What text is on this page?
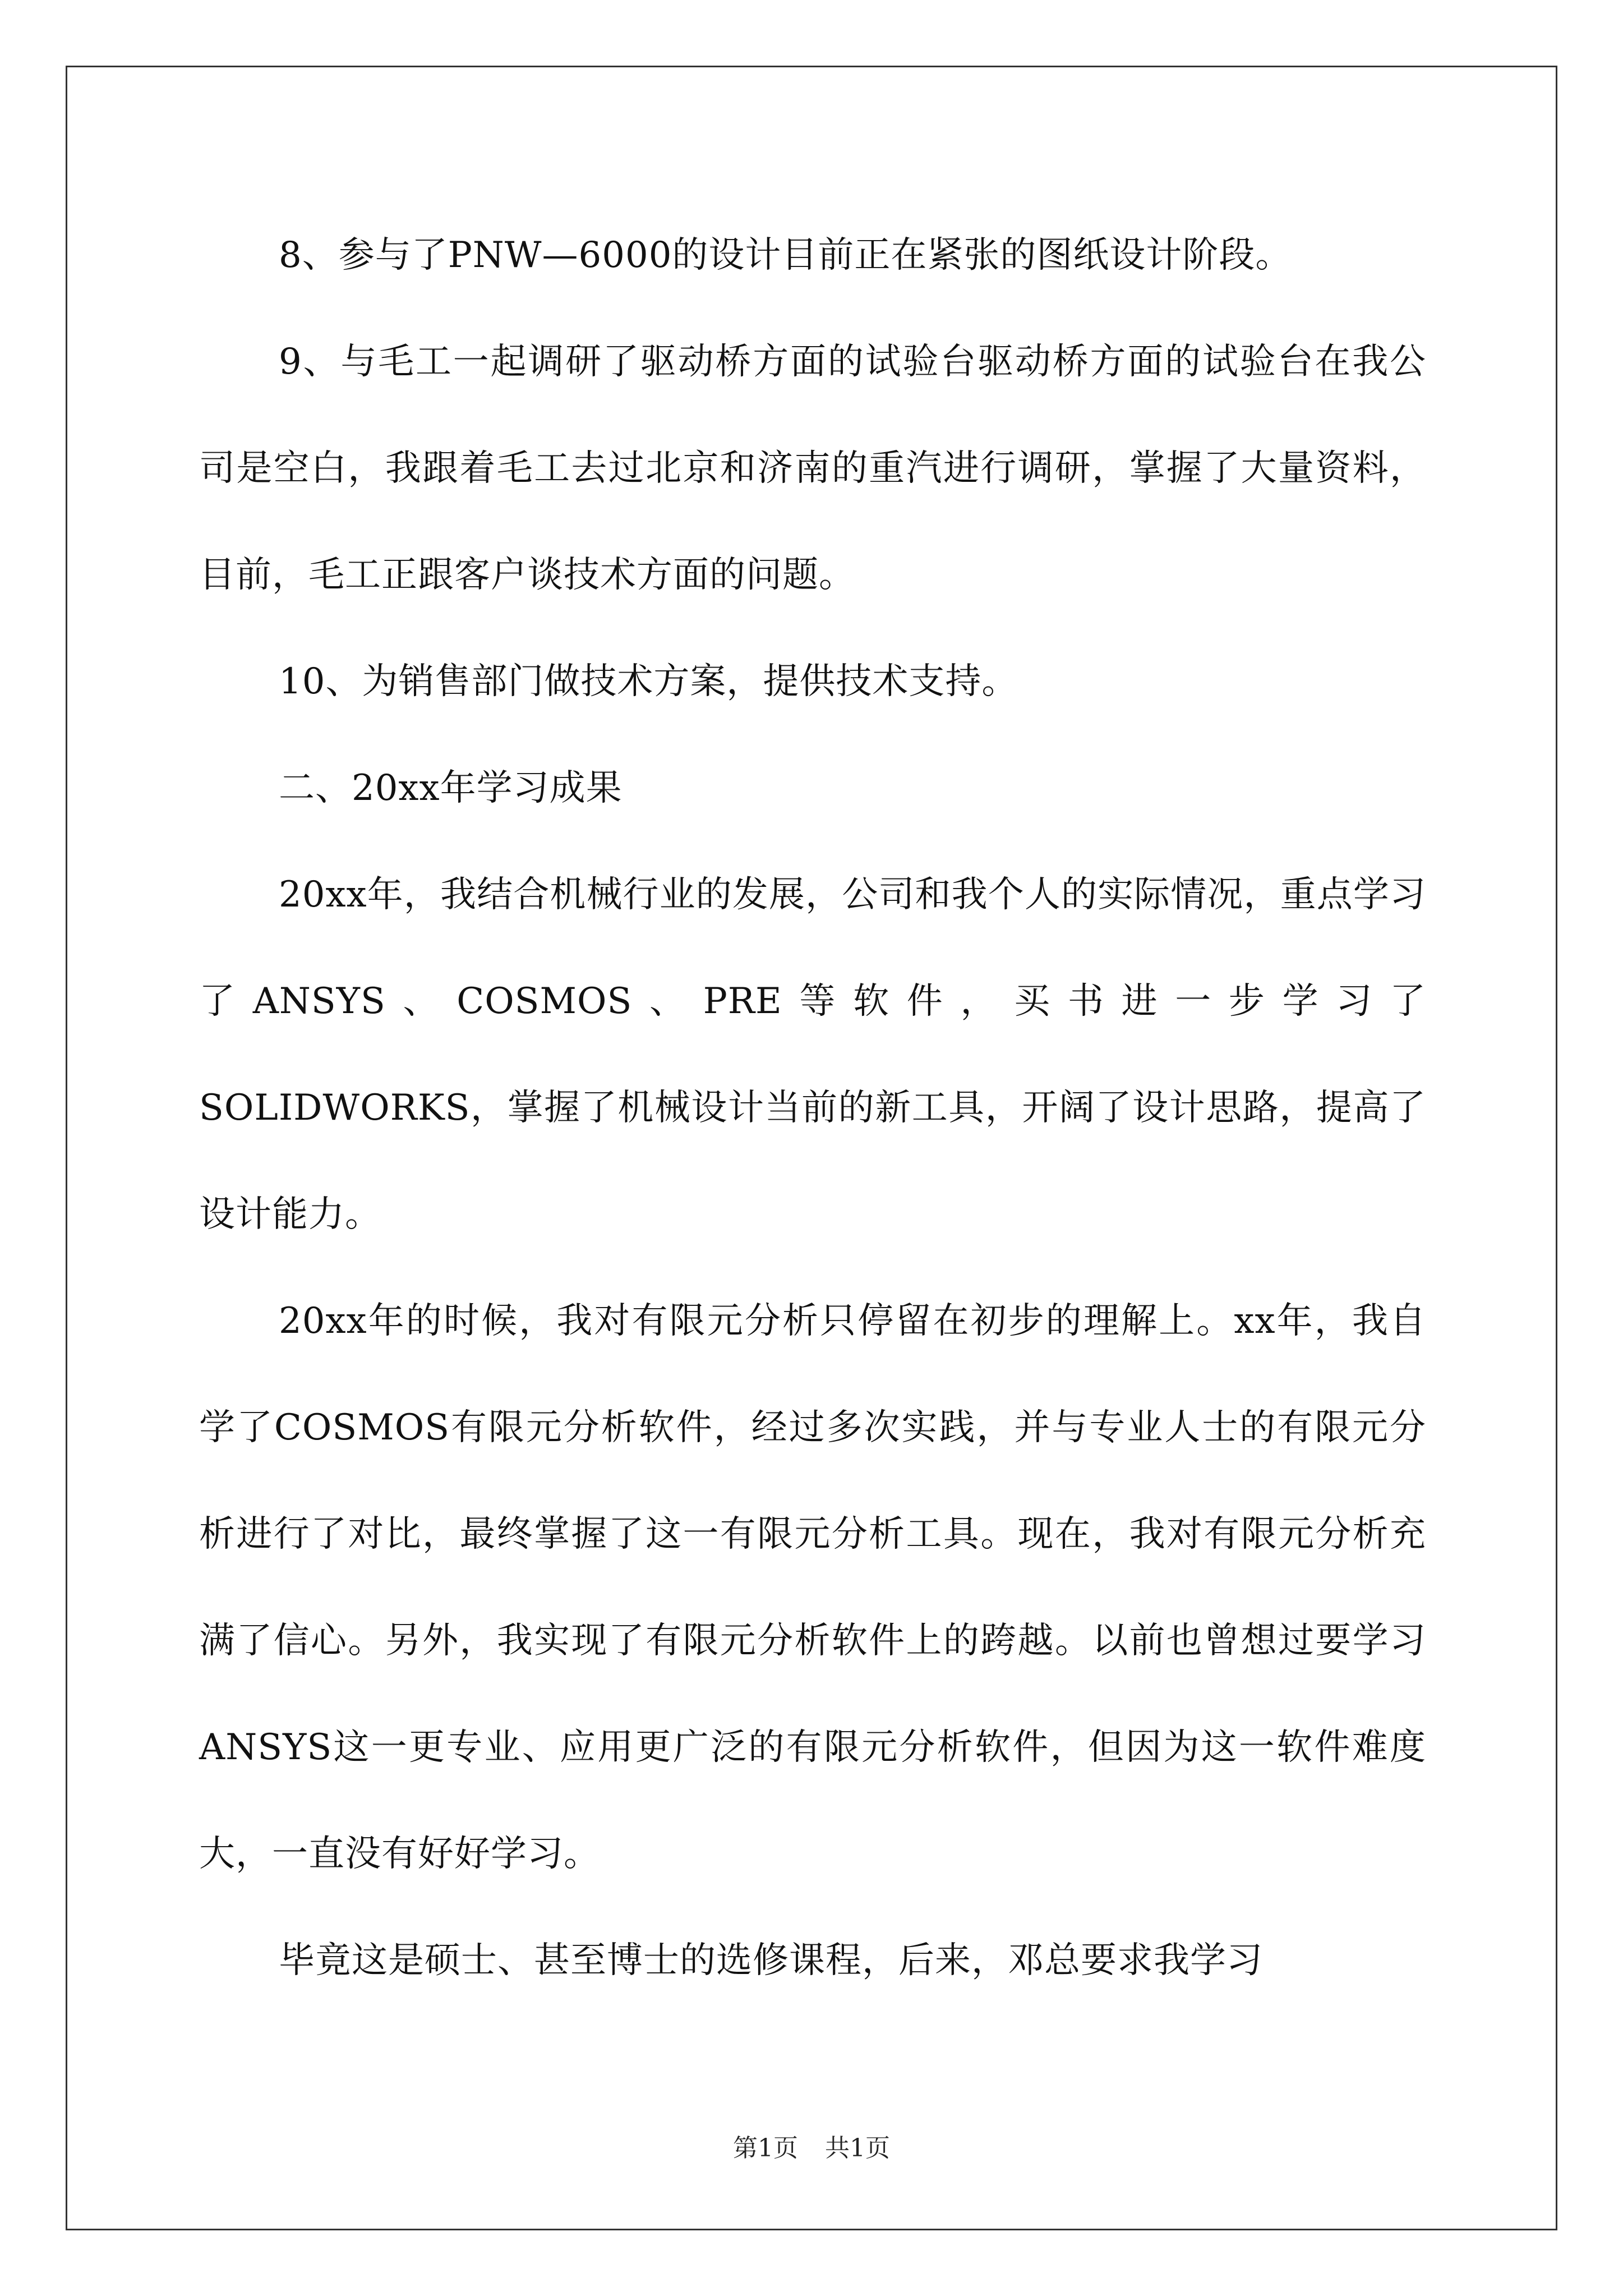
8、参与了PNW—6000的设计目前正在紧张的图纸设计阶段。

9、与毛工一起调研了驱动桥方面的试验台驱动桥方面的试验台在我公司是空白，我跟着毛工去过北京和济南的重汽进行调研，掌握了大量资料，目前，毛工正跟客户谈技术方面的问题。

10、为销售部门做技术方案，提供技术支持。

二、20xx年学习成果

20xx年，我结合机械行业的发展，公司和我个人的实际情况，重点学习了ANSYS、COSMOS、PRE等软件，买书进一步学习了SOLIDWORKS，掌握了机械设计当前的新工具，开阔了设计思路，提高了设计能力。

20xx年的时候，我对有限元分析只停留在初步的理解上。xx年，我自学了COSMOS有限元分析软件，经过多次实践，并与专业人士的有限元分析进行了对比，最终掌握了这一有限元分析工具。现在，我对有限元分析充满了信心。另外，我实现了有限元分析软件上的跨越。以前也曾想过要学习ANSYS这一更专业、应用更广泛的有限元分析软件，但因为这一软件难度大，一直没有好好学习。

毕竟这是硕士、甚至博士的选修课程，后来，邓总要求我学习

第1页 共1页
